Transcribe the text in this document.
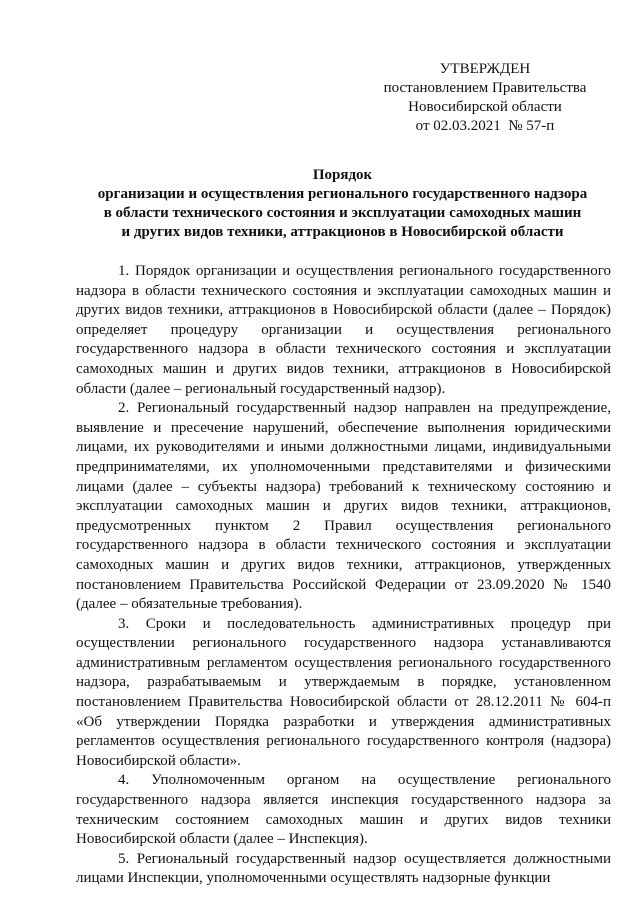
УТВЕРЖДЕН
постановлением Правительства
Новосибирской области
от 02.03.2021  № 57-п
Порядок
организации и осуществления регионального государственного надзора
в области технического состояния и эксплуатации самоходных машин
и других видов техники, аттракционов в Новосибирской области

1. Порядок организации и осуществления регионального государственного надзора в области технического состояния и эксплуатации самоходных машин и других видов техники, аттракционов в Новосибирской области (далее – Порядок) определяет процедуру организации и осуществления регионального государственного надзора в области технического состояния и эксплуатации самоходных машин и других видов техники, аттракционов в Новосибирской области (далее – региональный государственный надзор).

2. Региональный государственный надзор направлен на предупреждение, выявление и пресечение нарушений, обеспечение выполнения юридическими лицами, их руководителями и иными должностными лицами, индивидуальными предпринимателями, их уполномоченными представителями и физическими лицами (далее – субъекты надзора) требований к техническому состоянию и эксплуатации самоходных машин и других видов техники, аттракционов, предусмотренных пунктом 2 Правил осуществления регионального государственного надзора в области технического состояния и эксплуатации самоходных машин и других видов техники, аттракционов, утвержденных постановлением Правительства Российской Федерации от 23.09.2020 № 1540 (далее – обязательные требования).

3. Сроки и последовательность административных процедур при осуществлении регионального государственного надзора устанавливаются административным регламентом осуществления регионального государственного надзора, разрабатываемым и утверждаемым в порядке, установленном постановлением Правительства Новосибирской области от 28.12.2011 № 604-п «Об утверждении Порядка разработки и утверждения административных регламентов осуществления регионального государственного контроля (надзора) Новосибирской области».

4. Уполномоченным органом на осуществление регионального государственного надзора является инспекция государственного надзора за техническим состоянием самоходных машин и других видов техники Новосибирской области (далее – Инспекция).

5. Региональный государственный надзор осуществляется должностными лицами Инспекции, уполномоченными осуществлять надзорные функции
